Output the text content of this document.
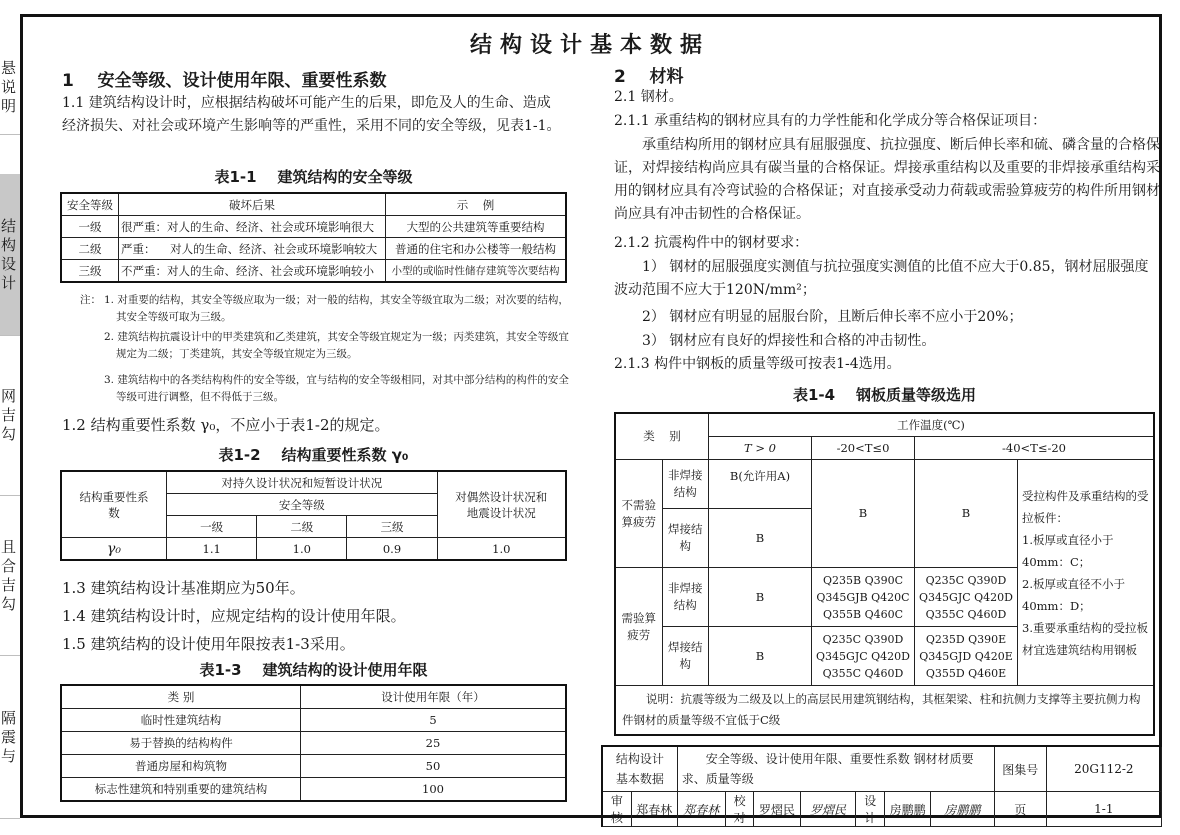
悬
说
明
结
构
设
计
网
吉
勾
且
合
吉
勾
隔
震
与
结构设计基本数据
1    安全等级、设计使用年限、重要性系数
1.1 建筑结构设计时，应根据结构破坏可能产生的后果，即危及人的生命、造成经济损失、对社会或环境产生影响等的严重性，采用不同的安全等级，见表1-1。
表1-1    建筑结构的安全等级
安全等级	破坏后果	示    例
一级	很严重：对人的生命、经济、社会或环境影响很大	大型的公共建筑等重要结构
二级	严重：    对人的生命、经济、社会或环境影响较大	普通的住宅和办公楼等一般结构
三级	不严重：对人的生命、经济、社会或环境影响较小	小型的或临时性储存建筑等次要结构
注： 1. 对重要的结构，其安全等级应取为一级；对一般的结构，其安全等级宜取为二级；对次要的结构，其安全等级可取为三级。
2. 建筑结构抗震设计中的甲类建筑和乙类建筑，其安全等级宜规定为一级；丙类建筑，其安全等级宜规定为二级；丁类建筑，其安全等级宜规定为三级。
3. 建筑结构中的各类结构构件的安全等级，宜与结构的安全等级相同，对其中部分结构的构件的安全等级可进行调整，但不得低于三级。
1.2 结构重要性系数 γ₀，不应小于表1-2的规定。
表1-2    结构重要性系数 γ₀
结构重要性系数	对持久设计状况和短暂设计状况			对偶然设计状况和地震设计状况
	安全等级			
	一级	二级	三级	
γ₀	1.1	1.0	0.9	1.0
1.3 建筑结构设计基准期应为50年。
1.4 建筑结构设计时，应规定结构的设计使用年限。
1.5 建筑结构的设计使用年限按表1-3采用。
表1-3    建筑结构的设计使用年限
类 别	设计使用年限（年）
临时性建筑结构	5
易于替换的结构构件	25
普通房屋和构筑物	50
标志性建筑和特别重要的建筑结构	100
2    材料
2.1 钢材。
2.1.1 承重结构的钢材应具有的力学性能和化学成分等合格保证项目：
承重结构所用的钢材应具有屈服强度、抗拉强度、断后伸长率和硫、磷含量的合格保证，对焊接结构尚应具有碳当量的合格保证。焊接承重结构以及重要的非焊接承重结构采用的钢材应具有冷弯试验的合格保证；对直接承受动力荷载或需验算疲劳的构件所用钢材尚应具有冲击韧性的合格保证。
2.1.2 抗震构件中的钢材要求：
1） 钢材的屈服强度实测值与抗拉强度实测值的比值不应大于0.85，钢材屈服强度波动范围不应大于120N/mm²；
2） 钢材应有明显的屈服台阶，且断后伸长率不应小于20%；
3） 钢材应有良好的焊接性和合格的冲击韧性。
2.1.3 构件中钢板的质量等级可按表1-4选用。
表1-4    钢板质量等级选用
类    别		工作温度(℃)			
		T > 0	-20<T≤0	-40<T≤-20	
不需验算疲劳	非焊接结构	B(允许用A)	B	B	受拉构件及承重结构的受拉板件：
1.板厚或直径小于40mm：C；
2.板厚或直径不小于40mm：D；
3.重要承重结构的受拉板材宜选建筑结构用钢板
	焊接结构	B			
需验算疲劳	非焊接结构	B	Q235B Q390C
Q345GJB Q420C
Q355B Q460C	Q235C Q390D
Q345GJC Q420D
Q355C Q460D	
	焊接结构	B	Q235C Q390D
Q345GJC Q420D
Q355C Q460D	Q235D Q390E
Q345GJD Q420E
Q355D Q460E	
说明：抗震等级为二级及以上的高层民用建筑钢结构，其框架梁、柱和抗侧力支撑等主要抗侧力构件钢材的质量等级不宜低于C级					
结构设计
基本数据		安全等级、设计使用年限、重要性系数 钢材材质要求、质量等级							图集号	20G112-2
审核	郑春林	郑春林	校对	罗熠民	罗熠民	设计	房鹏鹏	房鹏鹏	页	1-1
